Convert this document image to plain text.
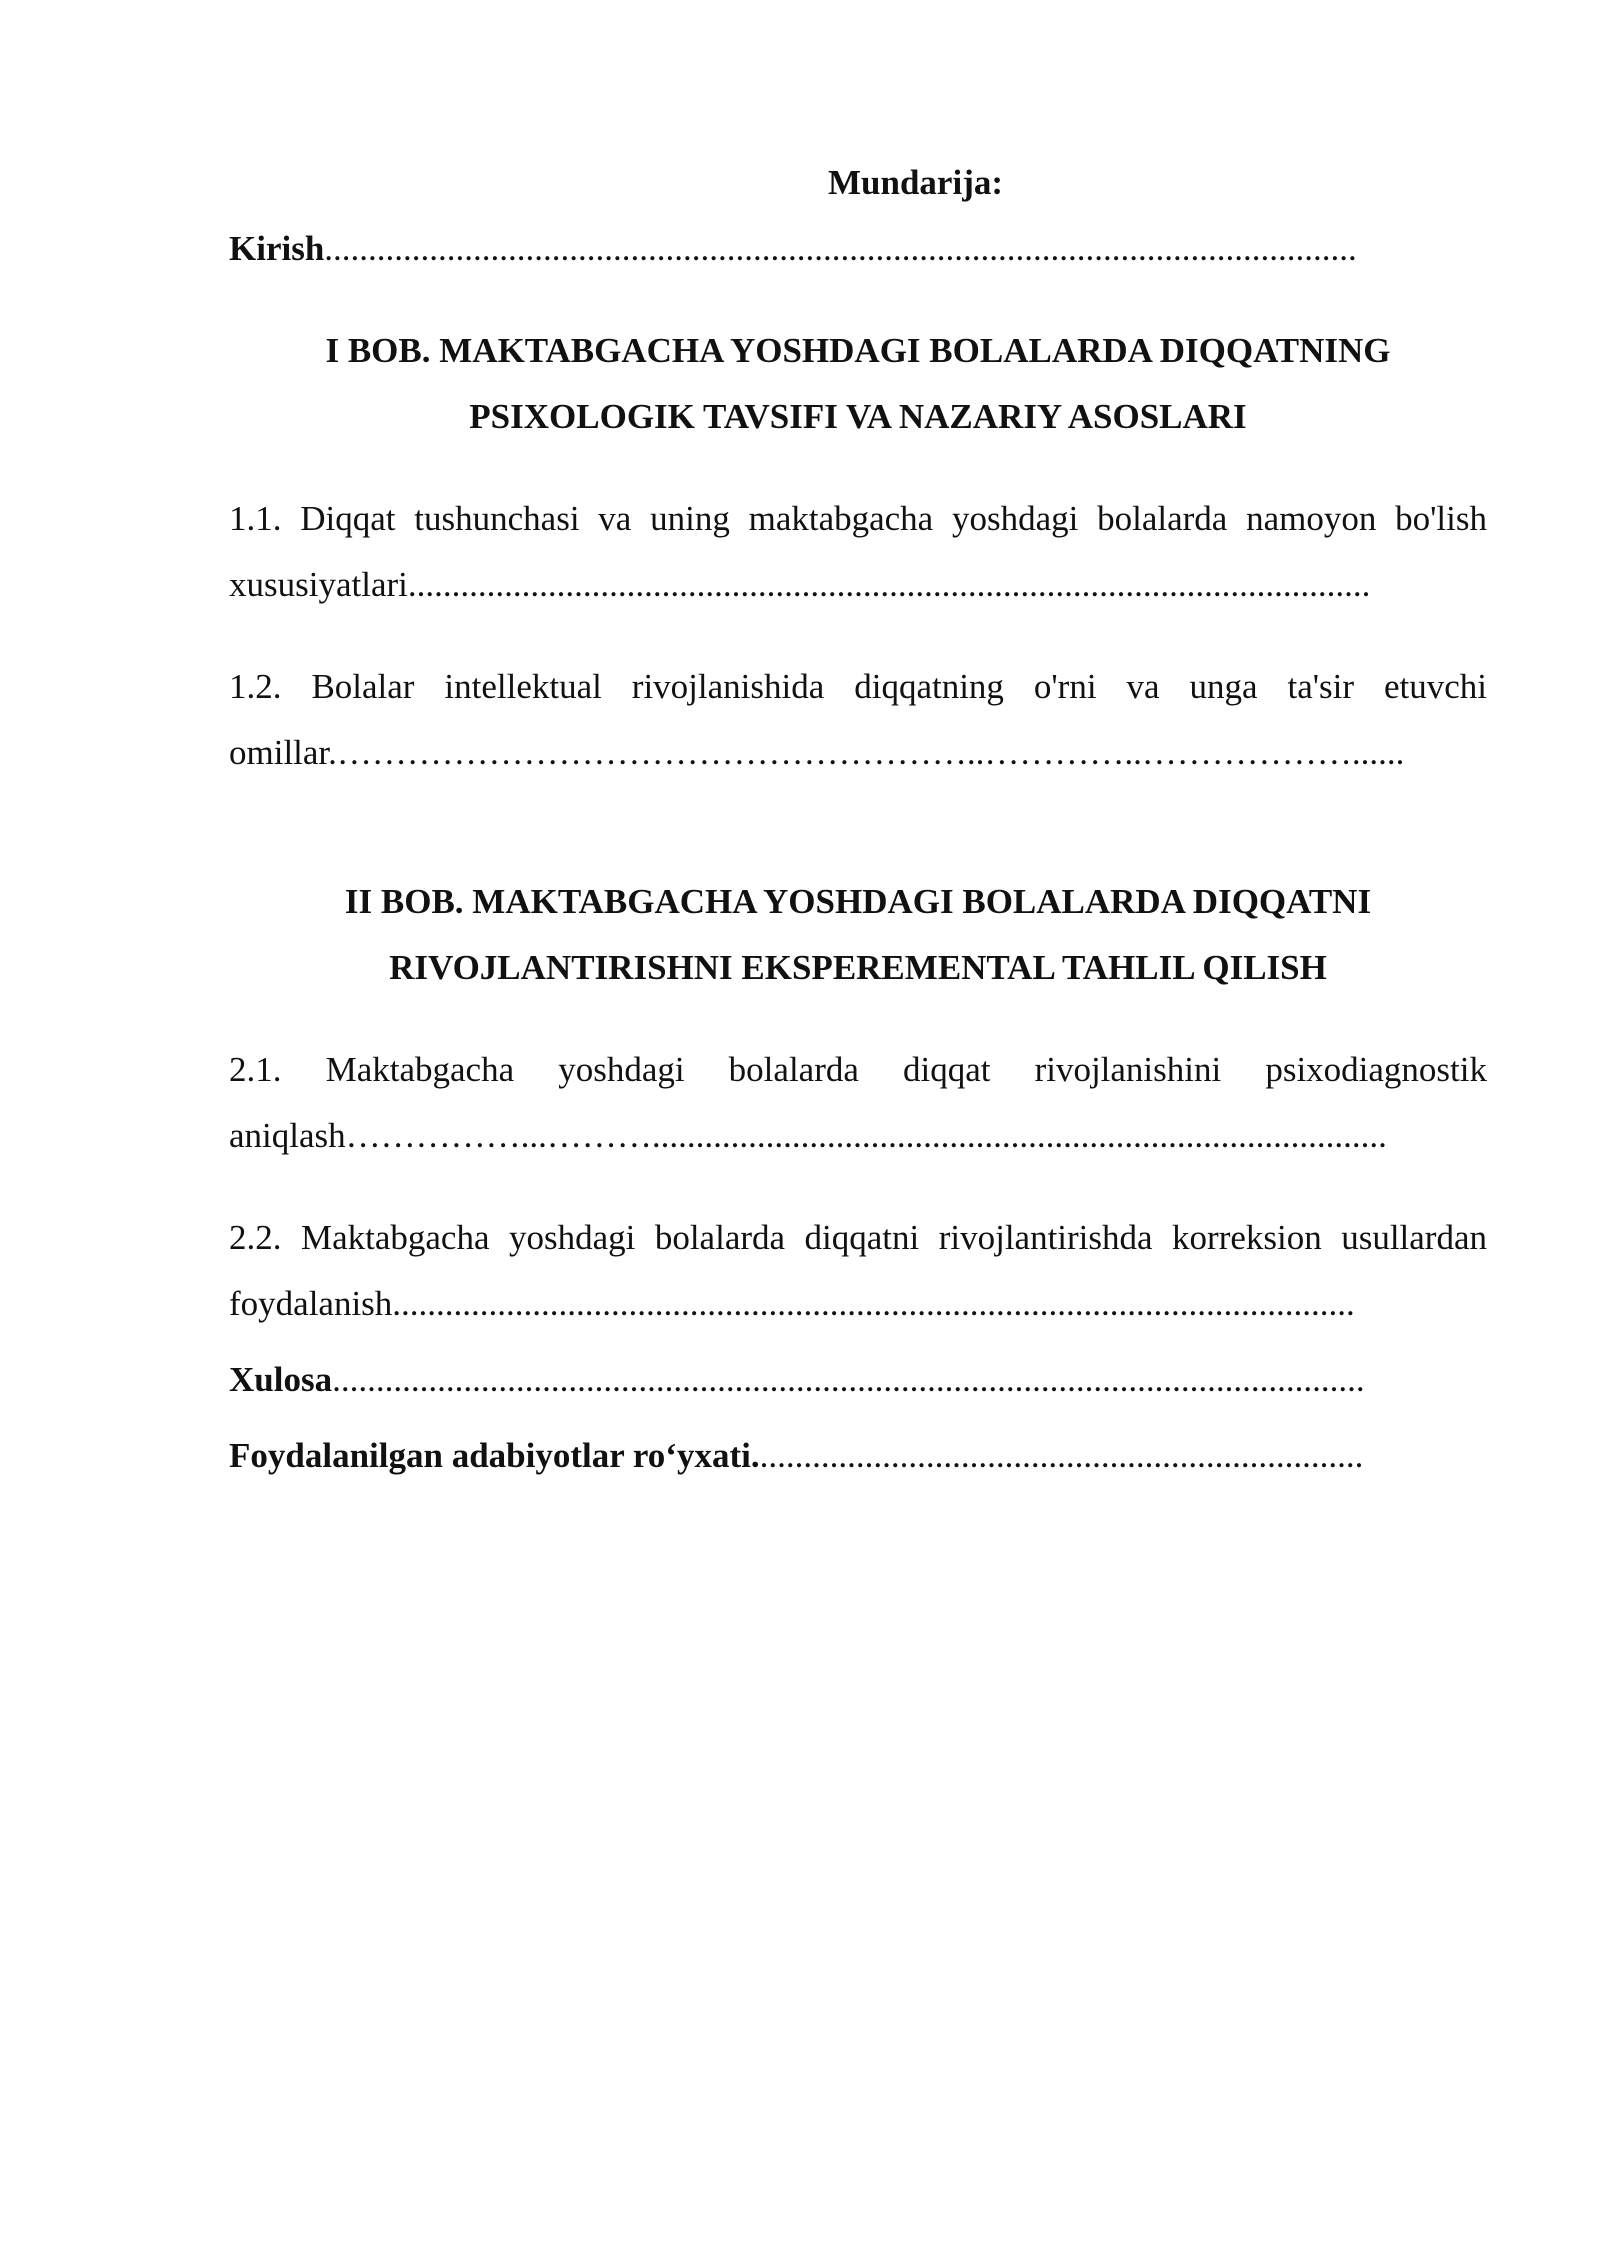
Mundarija:

Kirish......................................................................................................................

I BOB. MAKTABGACHA YOSHDAGI BOLALARDA DIQQATNING
PSIXOLOGIK TAVSIFI VA NAZARIY ASOSLARI

1.1. Diqqat tushunchasi va uning maktabgacha yoshdagi bolalarda namoyon bo'lish
xususiyatlari..............................................................................................................

1.2. Bolalar intellektual rivojlanishida diqqatning o'rni va unga ta'sir etuvchi
omillar.………………………………………………..…………..………………......

II BOB. MAKTABGACHA YOSHDAGI BOLALARDA DIQQATNI
RIVOJLANTIRISHNI EKSPEREMENTAL TAHLIL QILISH

2.1. Maktabgacha yoshdagi bolalarda diqqat rivojlanishini psixodiagnostik
aniqlash……………...………....................................................................................

2.2. Maktabgacha yoshdagi bolalarda diqqatni rivojlantirishda korreksion usullardan
foydalanish..............................................................................................................

Xulosa......................................................................................................................

Foydalanilgan adabiyotlar ro‘yxati......................................................................
